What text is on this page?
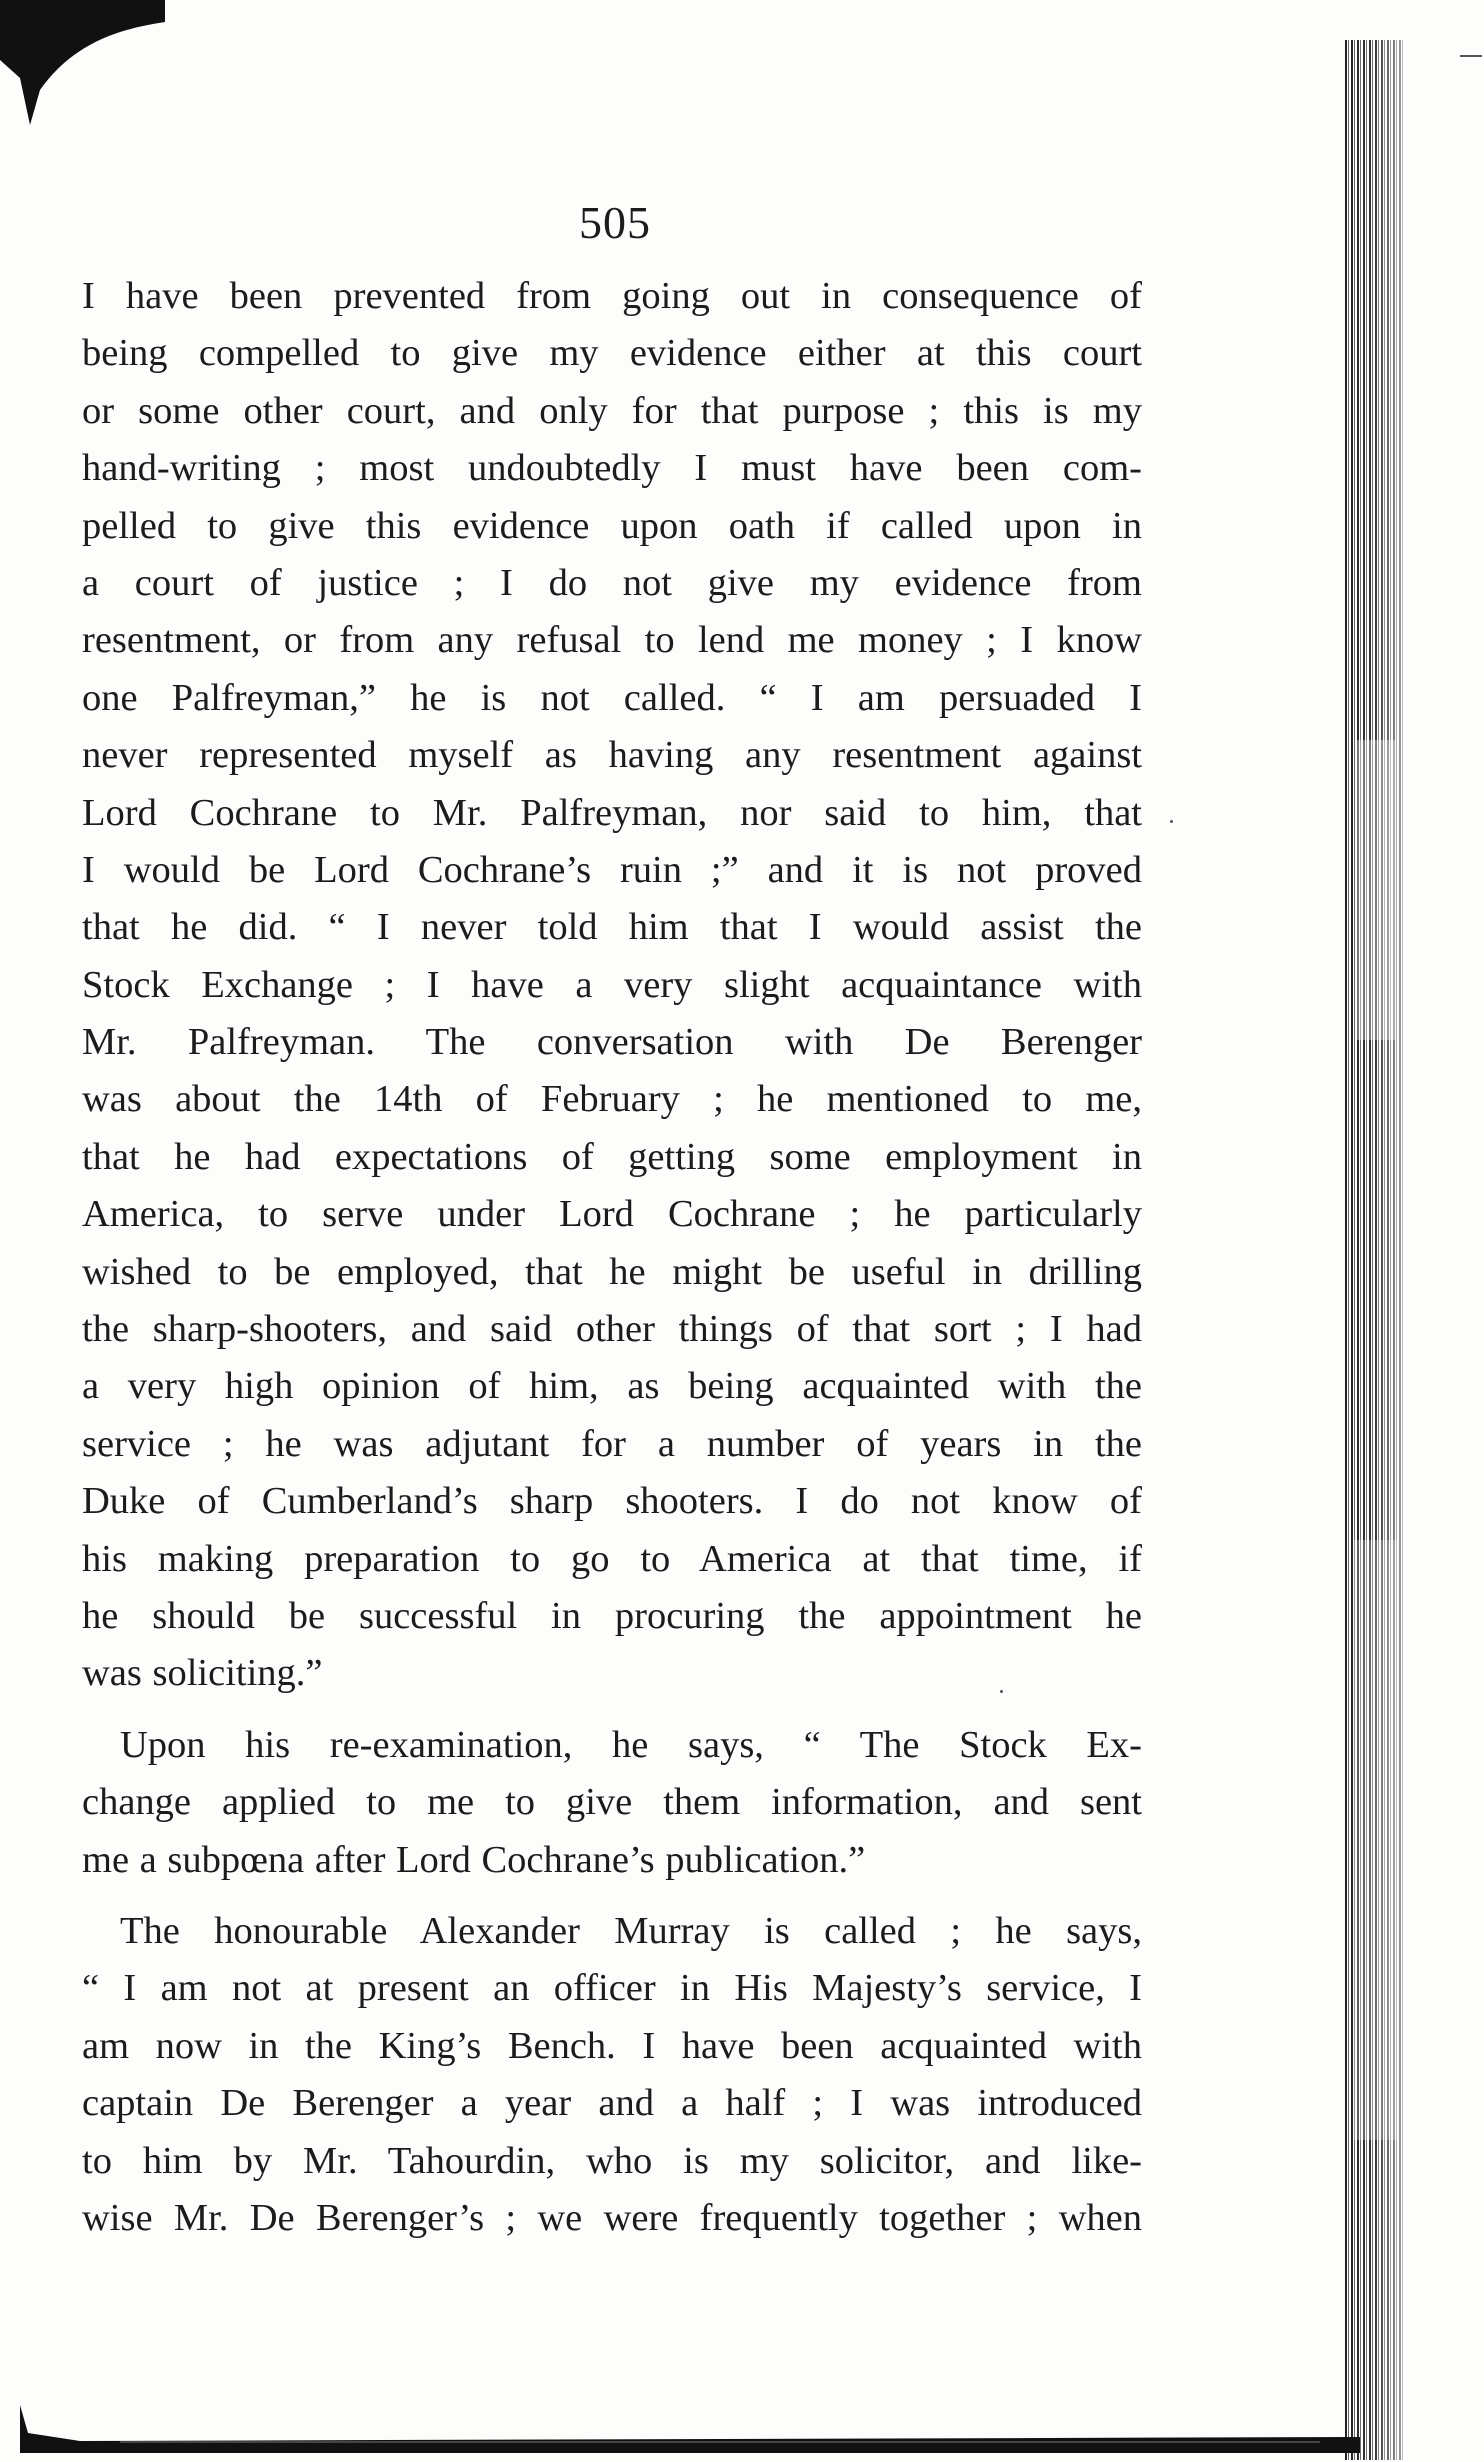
505
I have been prevented from going out in consequence of
being compelled to give my evidence either at this court
or some other court, and only for that purpose ; this is my
hand-writing ; most undoubtedly I must have been com-
pelled to give this evidence upon oath if called upon in
a court of justice ; I do not give my evidence from
resentment, or from any refusal to lend me money ; I know
one Palfreyman,” he is not called. “ I am persuaded I
never represented myself as having any resentment against
Lord Cochrane to Mr. Palfreyman, nor said to him, that
I would be Lord Cochrane’s ruin ;” and it is not proved
that he did. “ I never told him that I would assist the
Stock Exchange ; I have a very slight acquaintance with
Mr. Palfreyman. The conversation with De Berenger
was about the 14th of February ; he mentioned to me,
that he had expectations of getting some employment in
America, to serve under Lord Cochrane ; he particularly
wished to be employed, that he might be useful in drilling
the sharp-shooters, and said other things of that sort ; I had
a very high opinion of him, as being acquainted with the
service ; he was adjutant for a number of years in the
Duke of Cumberland’s sharp shooters. I do not know of
his making preparation to go to America at that time, if
he should be successful in procuring the appointment he
was soliciting.”
Upon his re-examination, he says, “ The Stock Ex-
change applied to me to give them information, and sent
me a subpœna after Lord Cochrane’s publication.”
The honourable Alexander Murray is called ; he says,
“ I am not at present an officer in His Majesty’s service, I
am now in the King’s Bench. I have been acquainted with
captain De Berenger a year and a half ; I was introduced
to him by Mr. Tahourdin, who is my solicitor, and like-
wise Mr. De Berenger’s ; we were frequently together ; when
